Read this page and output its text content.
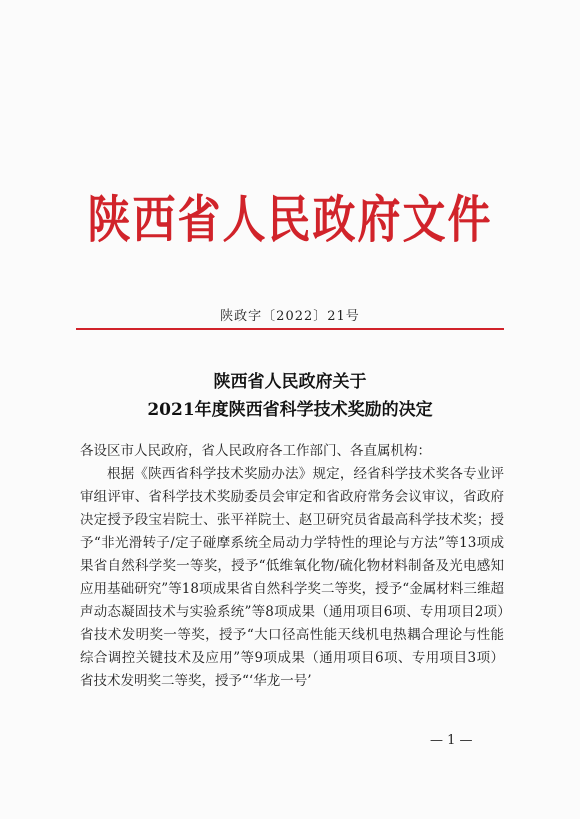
陕西省人民政府文件
陕政字〔2022〕21号
陕西省人民政府关于
2021年度陕西省科学技术奖励的决定

各设区市人民政府，省人民政府各工作部门、各直属机构：

根据《陕西省科学技术奖励办法》规定，经省科学技术奖各专业评审组评审、省科学技术奖励委员会审定和省政府常务会议审议，省政府决定授予段宝岩院士、张平祥院士、赵卫研究员省最高科学技术奖；授予“非光滑转子/定子碰摩系统全局动力学特性的理论与方法”等13项成果省自然科学奖一等奖，授予“低维氧化物/硫化物材料制备及光电感知应用基础研究”等18项成果省自然科学奖二等奖，授予“金属材料三维超声动态凝固技术与实验系统”等8项成果（通用项目6项、专用项目2项）省技术发明奖一等奖，授予“大口径高性能天线机电热耦合理论与性能综合调控关键技术及应用”等9项成果（通用项目6项、专用项目3项）省技术发明奖二等奖，授予“‘华龙一号’

— 1 —
